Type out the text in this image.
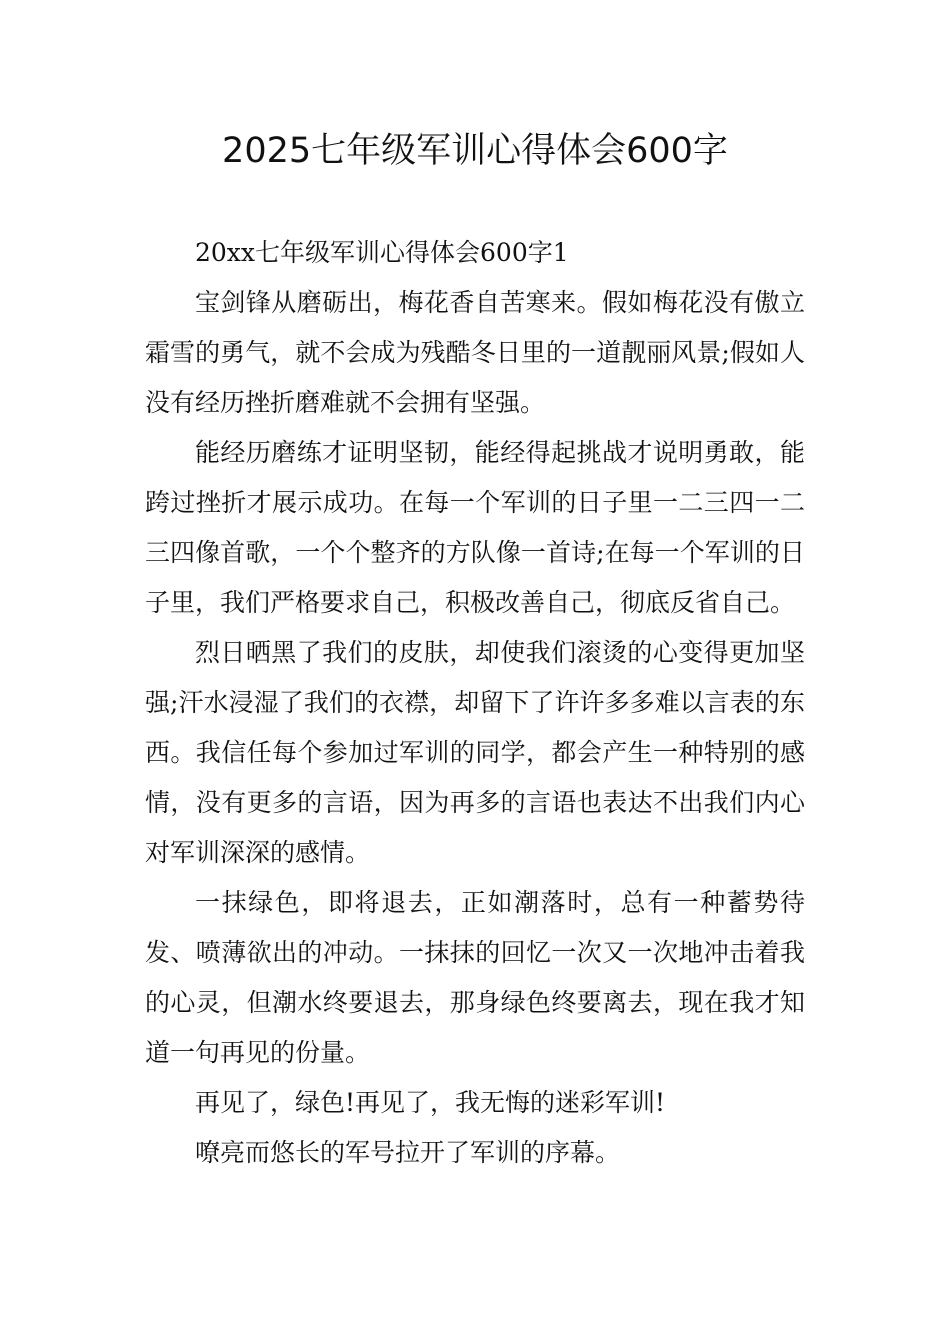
2025七年级军训心得体会600字

20xx七年级军训心得体会600字1

宝剑锋从磨砺出，梅花香自苦寒来。假如梅花没有傲立霜雪的勇气，就不会成为残酷冬日里的一道靓丽风景;假如人没有经历挫折磨难就不会拥有坚强。

能经历磨练才证明坚韧，能经得起挑战才说明勇敢，能跨过挫折才展示成功。在每一个军训的日子里一二三四一二三四像首歌，一个个整齐的方队像一首诗;在每一个军训的日子里，我们严格要求自己，积极改善自己，彻底反省自己。

烈日晒黑了我们的皮肤，却使我们滚烫的心变得更加坚强;汗水浸湿了我们的衣襟，却留下了许许多多难以言表的东西。我信任每个参加过军训的同学，都会产生一种特别的感情，没有更多的言语，因为再多的言语也表达不出我们内心对军训深深的感情。

一抹绿色，即将退去，正如潮落时，总有一种蓄势待发、喷薄欲出的冲动。一抹抹的回忆一次又一次地冲击着我的心灵，但潮水终要退去，那身绿色终要离去，现在我才知道一句再见的份量。

再见了，绿色!再见了，我无悔的迷彩军训!

嘹亮而悠长的军号拉开了军训的序幕。
